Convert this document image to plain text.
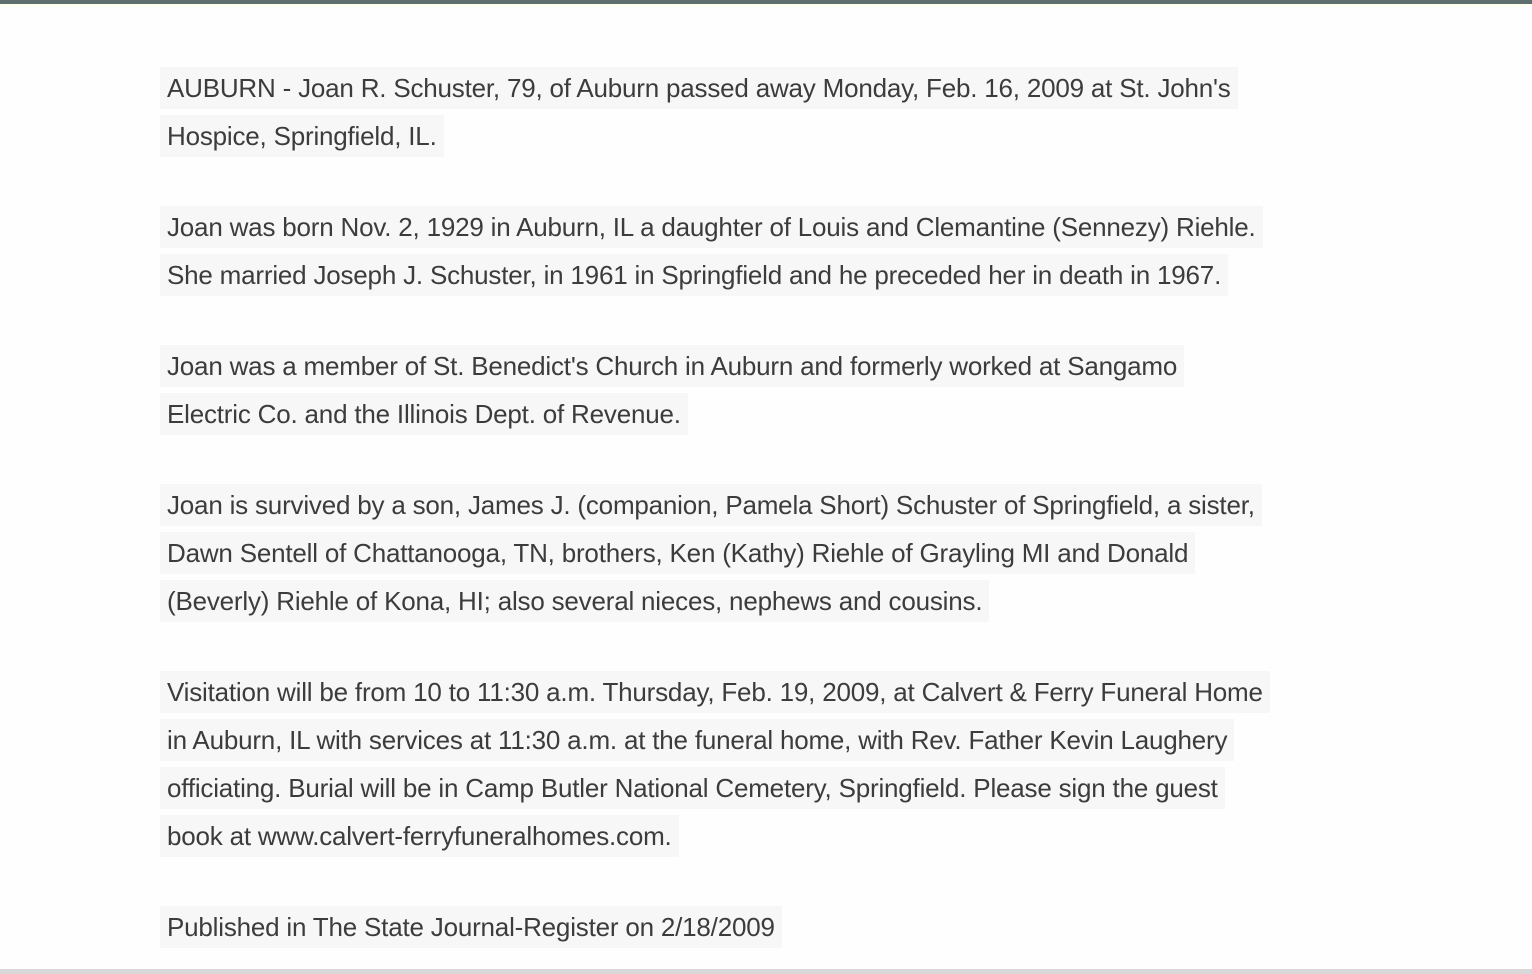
AUBURN - Joan R. Schuster, 79, of Auburn passed away Monday, Feb. 16, 2009 at St. John's
Hospice, Springfield, IL.
Joan was born Nov. 2, 1929 in Auburn, IL a daughter of Louis and Clemantine (Sennezy) Riehle.
She married Joseph J. Schuster, in 1961 in Springfield and he preceded her in death in 1967.
Joan was a member of St. Benedict's Church in Auburn and formerly worked at Sangamo
Electric Co. and the Illinois Dept. of Revenue.
Joan is survived by a son, James J. (companion, Pamela Short) Schuster of Springfield, a sister,
Dawn Sentell of Chattanooga, TN, brothers, Ken (Kathy) Riehle of Grayling MI and Donald
(Beverly) Riehle of Kona, HI; also several nieces, nephews and cousins.
Visitation will be from 10 to 11:30 a.m. Thursday, Feb. 19, 2009, at Calvert & Ferry Funeral Home
in Auburn, IL with services at 11:30 a.m. at the funeral home, with Rev. Father Kevin Laughery
officiating. Burial will be in Camp Butler National Cemetery, Springfield. Please sign the guest
book at www.calvert-ferryfuneralhomes.com.
Published in The State Journal-Register on 2/18/2009
